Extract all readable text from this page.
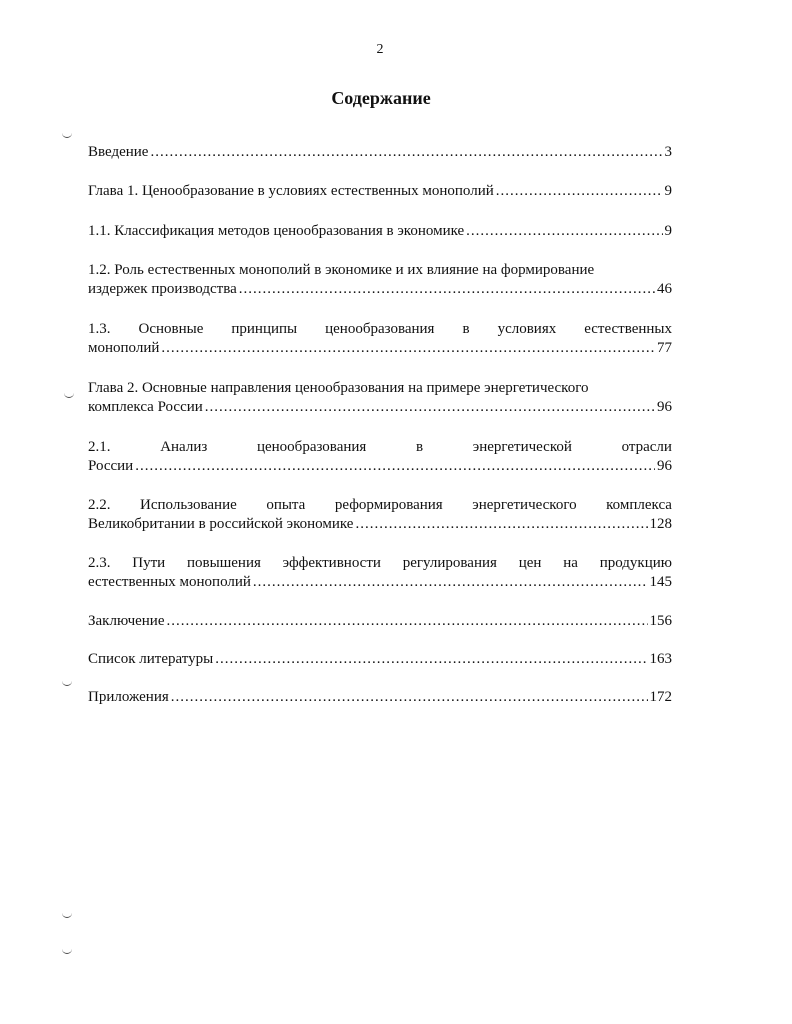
2
Содержание
Введение .....	3
Глава 1. Ценообразование в условиях естественных монополий .....	9
1.1. Классификация методов ценообразования в экономике .....	9
1.2. Роль естественных монополий в экономике и их влияние на формирование
издержек производства .....	46
1.3. Основные принципы ценообразования в условиях естественных
монополий .....	77
Глава 2. Основные направления ценообразования на примере энергетического
комплекса России .....	96
2.1.	Анализ	ценообразования	в	энергетической	отрасли
России .....	96
2.2. Использование опыта реформирования энергетического комплекса
Великобритании в российской экономике .....	128
2.3. Пути повышения эффективности регулирования цен на продукцию
естественных монополий .....	145
Заключение .....	156
Список литературы .....	163
Приложения .....	172
